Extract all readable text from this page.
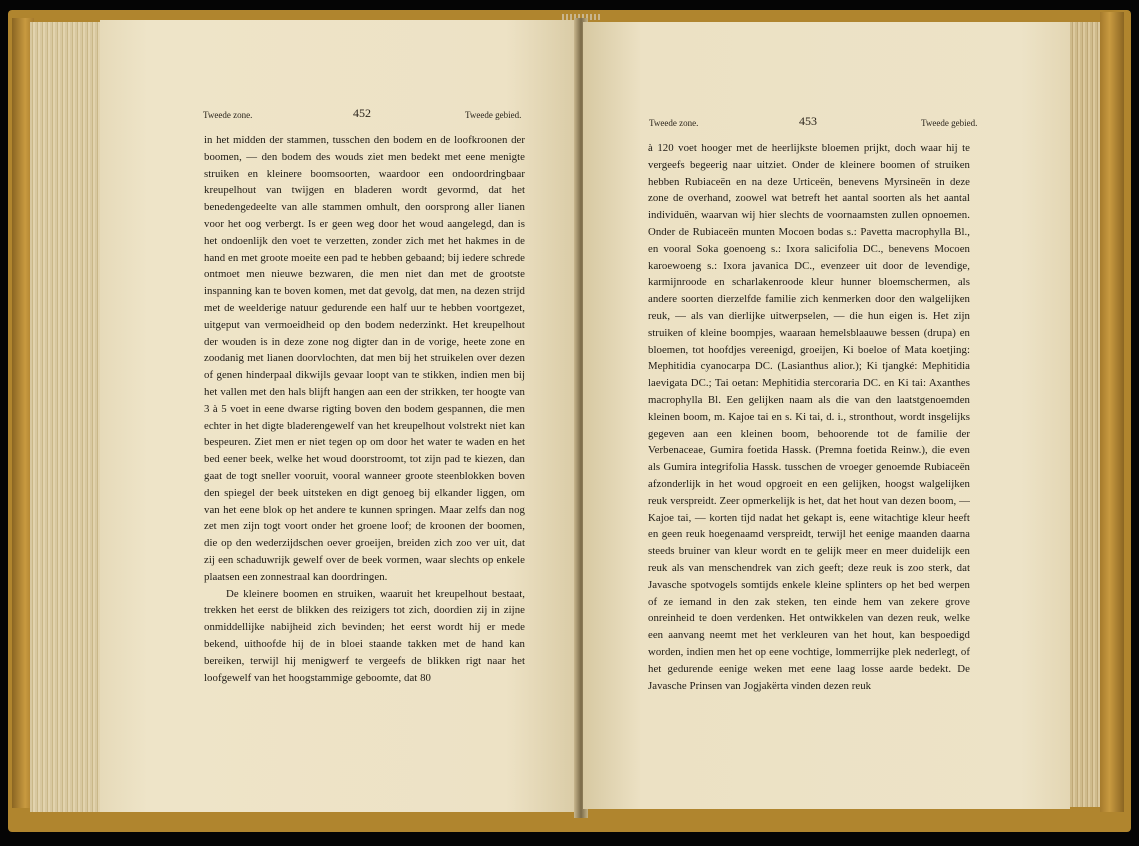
Tweede zone.	452	Tweede gebied.

in het midden der stammen, tusschen den bodem en de loofkroonen der boomen, — den bodem des wouds ziet men bedekt met eene menigte struiken en kleinere boomsoorten, waardoor een ondoordringbaar kreupelhout van twijgen en bladeren wordt gevormd, dat het benedengedeelte van alle stammen omhult, den oorsprong aller lianen voor het oog verbergt. Is er geen weg door het woud aangelegd, dan is het ondoenlijk den voet te verzetten, zonder zich met het hakmes in de hand en met groote moeite een pad te hebben gebaand; bij iedere schrede ontmoet men nieuwe bezwaren, die men niet dan met de grootste inspanning kan te boven komen, met dat gevolg, dat men, na dezen strijd met de weelderige natuur gedurende een half uur te hebben voortgezet, uitgeput van vermoeidheid op den bodem nederzinkt. Het kreupelhout der wouden is in deze zone nog digter dan in de vorige, heete zone en zoodanig met lianen doorvlochten, dat men bij het struikelen over dezen of genen hinderpaal dikwijls gevaar loopt van te stikken, indien men bij het vallen met den hals blijft hangen aan een der strikken, ter hoogte van 3 à 5 voet in eene dwarse rigting boven den bodem gespannen, die men echter in het digte bladerengewelf van het kreupelhout volstrekt niet kan bespeuren. Ziet men er niet tegen op om door het water te waden en het bed eener beek, welke het woud doorstroomt, tot zijn pad te kiezen, dan gaat de togt sneller vooruit, vooral wanneer groote steenblokken boven den spiegel der beek uitsteken en digt genoeg bij elkander liggen, om van het eene blok op het andere te kunnen springen. Maar zelfs dan nog zet men zijn togt voort onder het groene loof; de kroonen der boomen, die op den wederzijdschen oever groeijen, breiden zich zoo ver uit, dat zij een schaduwrijk gewelf over de beek vormen, waar slechts op enkele plaatsen een zonnestraal kan doordringen.

De kleinere boomen en struiken, waaruit het kreupelhout bestaat, trekken het eerst de blikken des reizigers tot zich, doordien zij in zijne onmiddellijke nabijheid zich bevinden; het eerst wordt hij er mede bekend, uithoofde hij de in bloei staande takken met de hand kan bereiken, terwijl hij menigwerf te vergeefs de blikken rigt naar het loofgewelf van het hoogstammige geboomte, dat 80

Tweede zone.	453	Tweede gebied.

à 120 voet hooger met de heerlijkste bloemen prijkt, doch waar hij te vergeefs begeerig naar uitziet. Onder de kleinere boomen of struiken hebben Rubiaceën en na deze Urticeën, benevens Myrsineën in deze zone de overhand, zoowel wat betreft het aantal soorten als het aantal individuën, waarvan wij hier slechts de voornaamsten zullen opnoemen. Onder de Rubiaceën munten Mocoen bodas s.: Pavetta macrophylla Bl., en vooral Soka goenoeng s.: Ixora salicifolia DC., benevens Mocoen karoewoeng s.: Ixora javanica DC., evenzeer uit door de levendige, karmijnroode en scharlakenroode kleur hunner bloemschermen, als andere soorten dierzelfde familie zich kenmerken door den walgelijken reuk, — als van dierlijke uitwerpselen, — die hun eigen is. Het zijn struiken of kleine boompjes, waaraan hemelsblaauwe bessen (drupa) en bloemen, tot hoofdjes vereenigd, groeijen, Ki boeloe of Mata koetjing: Mephitidia cyanocarpa DC. (Lasianthus alior.); Ki tjangké: Mephitidia laevigata DC.; Tai oetan: Mephitidia stercoraria DC. en Ki tai: Axanthes macrophylla Bl. Een gelijken naam als die van den laatstgenoemden kleinen boom, m. Kajoe tai en s. Ki tai, d. i., stronthout, wordt insgelijks gegeven aan een kleinen boom, behoorende tot de familie der Verbenaceae, Gumira foetida Hassk. (Premna foetida Reinw.), die even als Gumira integrifolia Hassk. tusschen de vroeger genoemde Rubiaceën afzonderlijk in het woud opgroeit en een gelijken, hoogst walgelijken reuk verspreidt. Zeer opmerkelijk is het, dat het hout van dezen boom, — Kajoe tai, — korten tijd nadat het gekapt is, eene witachtige kleur heeft en geen reuk hoegenaamd verspreidt, terwijl het eenige maanden daarna steeds bruiner van kleur wordt en te gelijk meer en meer duidelijk een reuk als van menschendrek van zich geeft; deze reuk is zoo sterk, dat Javasche spotvogels somtijds enkele kleine splinters op het bed werpen of ze iemand in den zak steken, ten einde hem van zekere grove onreinheid te doen verdenken. Het ontwikkelen van dezen reuk, welke een aanvang neemt met het verkleuren van het hout, kan bespoedigd worden, indien men het op eene vochtige, lommerrijke plek nederlegt, of het gedurende eenige weken met eene laag losse aarde bedekt. De Javasche Prinsen van Jogjakërta vinden dezen reuk
